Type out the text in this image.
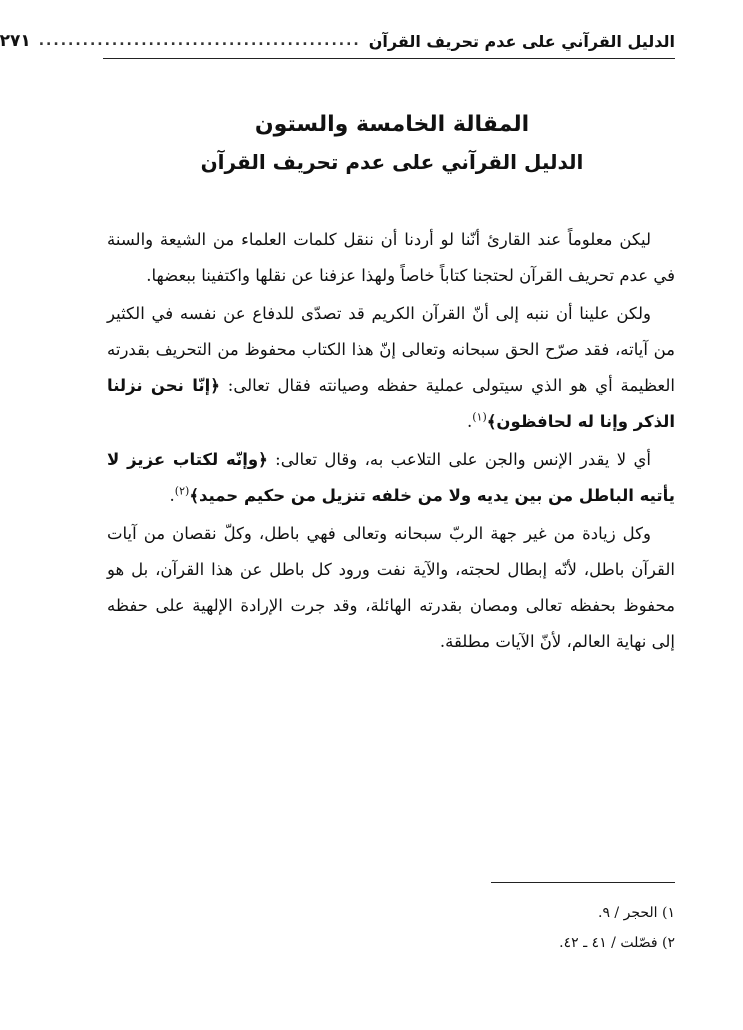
الدليل القرآني على عدم تحريف القرآن
............................................
٢٧١
المقالة الخامسة والستون
الدليل القرآني على عدم تحريف القرآن

ليكن معلوماً عند القارئ أنّنا لو أردنا أن ننقل كلمات العلماء من الشيعة والسنة في عدم تحريف القرآن لحتجنا كتاباً خاصاً ولهذا عزفنا عن نقلها واكتفينا ببعضها.

ولكن علينا أن ننبه إلى أنّ القرآن الكريم قد تصدّى للدفاع عن نفسه في الكثير من آياته، فقد صرّح الحق سبحانه وتعالى إنّ هذا الكتاب محفوظ من التحريف بقدرته العظيمة أي هو الذي سيتولى عملية حفظه وصيانته فقال تعالى: ﴿إنّا نحن نزلنا الذكر وإنا له لحافظون﴾$^{(١)}$.

أي لا يقدر الإنس والجن على التلاعب به، وقال تعالى: ﴿وإنّه لكتاب عزيز لا يأتيه الباطل من بين يديه ولا من خلفه تنزيل من حكيم حميد﴾$^{(٢)}$.

وكل زيادة من غير جهة الربّ سبحانه وتعالى فهي باطل، وكلّ نقصان من آيات القرآن باطل، لأنّه إبطال لحجته، والآية نفت ورود كل باطل عن هذا القرآن، بل هو محفوظ بحفظه تعالى ومصان بقدرته الهائلة، وقد جرت الإرادة الإلهية على حفظه إلى نهاية العالم، لأنّ الآيات مطلقة.

١) الحجر / ٩.
٢) فصّلت / ٤١ ـ ٤٢.
